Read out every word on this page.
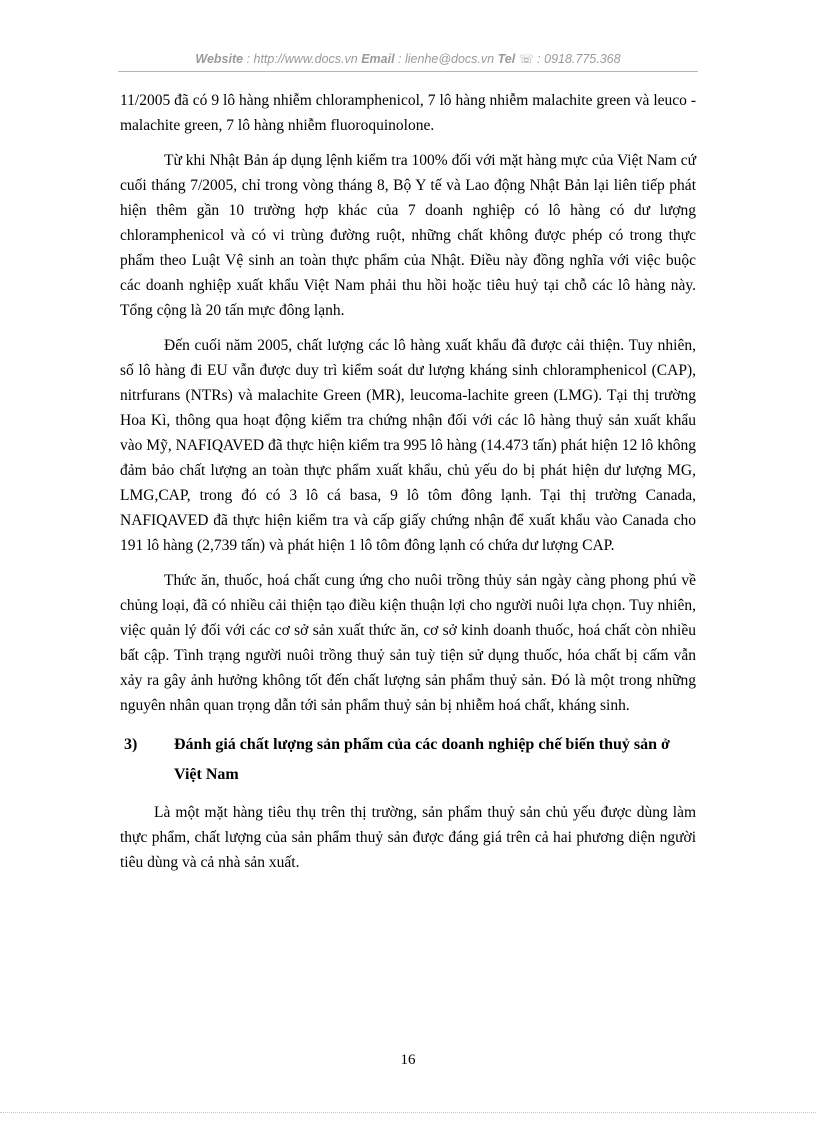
Website : http://www.docs.vn Email : lienhe@docs.vn Tel ☏ : 0918.775.368

11/2005 đã có 9 lô hàng nhiễm chloramphenicol, 7 lô hàng nhiễm malachite green và leuco -malachite green, 7 lô hàng nhiễm fluoroquinolone.

Từ khi Nhật Bản áp dụng lệnh kiểm tra 100% đối với mặt hàng mực của Việt Nam cứ cuối tháng 7/2005, chỉ trong vòng tháng 8, Bộ Y tế và Lao động Nhật Bản lại liên tiếp phát hiện thêm gần 10 trường hợp khác của 7 doanh nghiệp có lô hàng có dư lượng chloramphenicol và có vi trùng đường ruột, những chất không được phép có trong thực phẩm theo Luật Vệ sinh an toàn thực phẩm của Nhật. Điều này đồng nghĩa với việc buộc các doanh nghiệp xuất khẩu Việt Nam phải thu hồi hoặc tiêu huỷ tại chỗ các lô hàng này. Tổng cộng là 20 tấn mực đông lạnh.

Đến cuối năm 2005, chất lượng các lô hàng xuất khẩu đã được cải thiện. Tuy nhiên, số lô hàng đi EU vẫn được duy trì kiểm soát dư lượng kháng sinh chloramphenicol (CAP), nitrfurans (NTRs) và malachite Green (MR), leucoma-lachite green (LMG). Tại thị trường Hoa Kì, thông qua hoạt động kiểm tra chứng nhận đối với các lô hàng thuỷ sản xuất khẩu vào Mỹ, NAFIQAVED đã thực hiện kiểm tra 995 lô hàng (14.473 tấn) phát hiện 12 lô không đảm bảo chất lượng an toàn thực phẩm xuất khẩu, chủ yếu do bị phát hiện dư lượng MG, LMG,CAP, trong đó có 3 lô cá basa, 9 lô tôm đông lạnh. Tại thị trường Canada, NAFIQAVED đã thực hiện kiểm tra và cấp giấy chứng nhận để xuất khẩu vào Canada cho 191 lô hàng (2,739 tấn) và phát hiện 1 lô tôm đông lạnh có chứa dư lượng CAP.

Thức ăn, thuốc, hoá chất cung ứng cho nuôi trồng thủy sản ngày càng phong phú về chủng loại, đã có nhiều cải thiện tạo điều kiện thuận lợi cho người nuôi lựa chọn. Tuy nhiên, việc quản lý đối với các cơ sở sản xuất thức ăn, cơ sở kinh doanh thuốc, hoá chất còn nhiều bất cập. Tình trạng người nuôi trồng thuỷ sản tuỳ tiện sử dụng thuốc, hóa chất bị cấm vẫn xảy ra gây ảnh hưởng không tốt đến chất lượng sản phẩm thuỷ sản. Đó là một trong những nguyên nhân quan trọng dẫn tới sản phẩm thuỷ sản bị nhiễm hoá chất, kháng sinh.

3)	Đánh giá chất lượng sản phẩm của các doanh nghiệp chế biến thuỷ sản ở Việt Nam

Là một mặt hàng tiêu thụ trên thị trường, sản phẩm thuỷ sản chủ yếu được dùng làm thực phẩm, chất lượng của sản phẩm thuỷ sản được đáng giá trên cả hai phương diện người tiêu dùng và cả nhà sản xuất.

16
